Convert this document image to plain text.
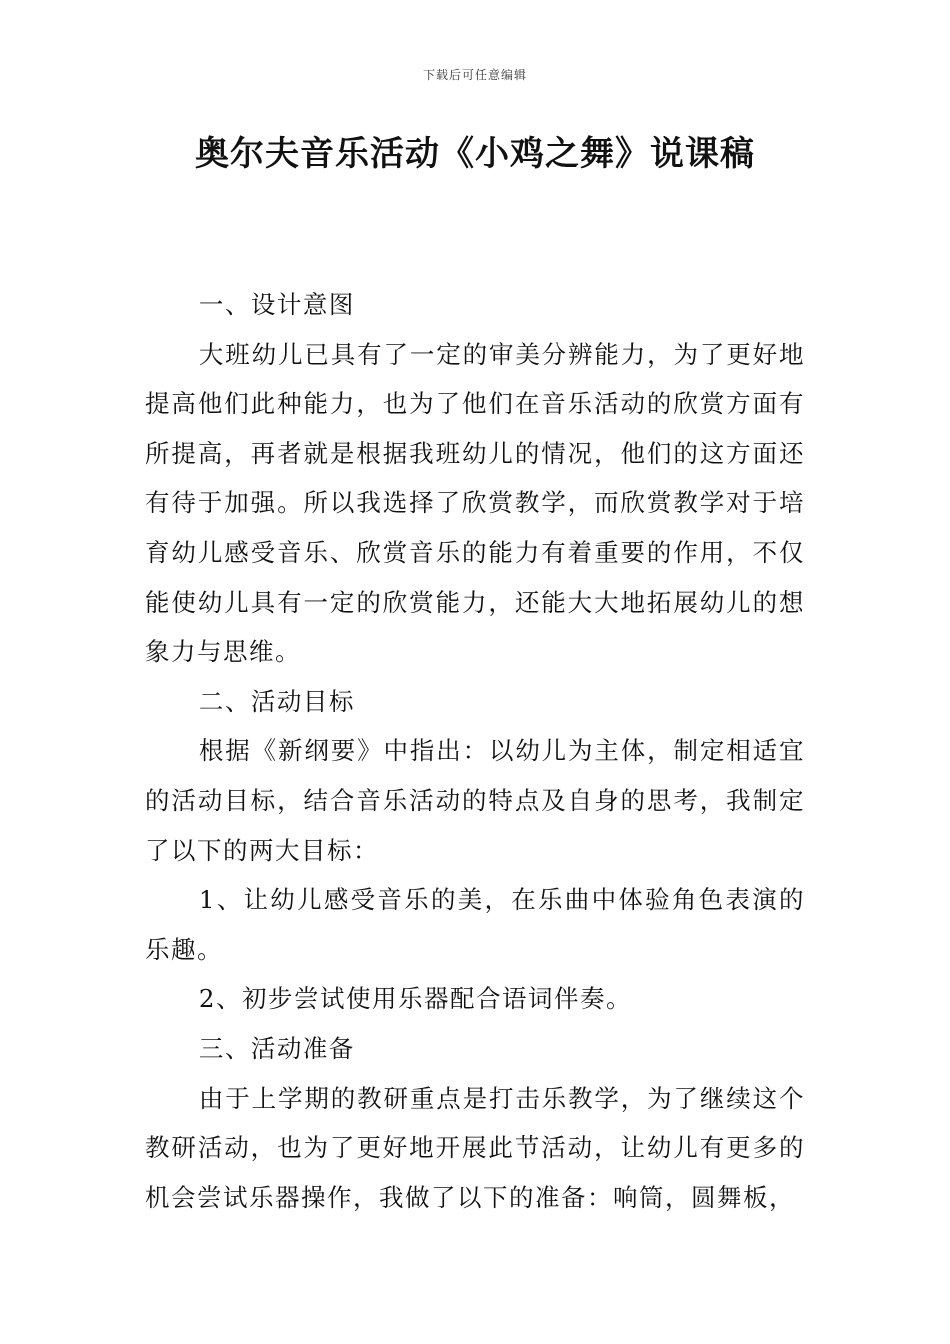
下载后可任意编辑
奥尔夫音乐活动《小鸡之舞》说课稿

一、设计意图

大班幼儿已具有了一定的审美分辨能力，为了更好地提高他们此种能力，也为了他们在音乐活动的欣赏方面有所提高，再者就是根据我班幼儿的情况，他们的这方面还有待于加强。所以我选择了欣赏教学，而欣赏教学对于培育幼儿感受音乐、欣赏音乐的能力有着重要的作用，不仅能使幼儿具有一定的欣赏能力，还能大大地拓展幼儿的想象力与思维。

二、活动目标

根据《新纲要》中指出：以幼儿为主体，制定相适宜的活动目标，结合音乐活动的特点及自身的思考，我制定了以下的两大目标：

1、让幼儿感受音乐的美，在乐曲中体验角色表演的乐趣。

2、初步尝试使用乐器配合语词伴奏。

三、活动准备

由于上学期的教研重点是打击乐教学，为了继续这个教研活动，也为了更好地开展此节活动，让幼儿有更多的机会尝试乐器操作，我做了以下的准备：响筒，圆舞板，
